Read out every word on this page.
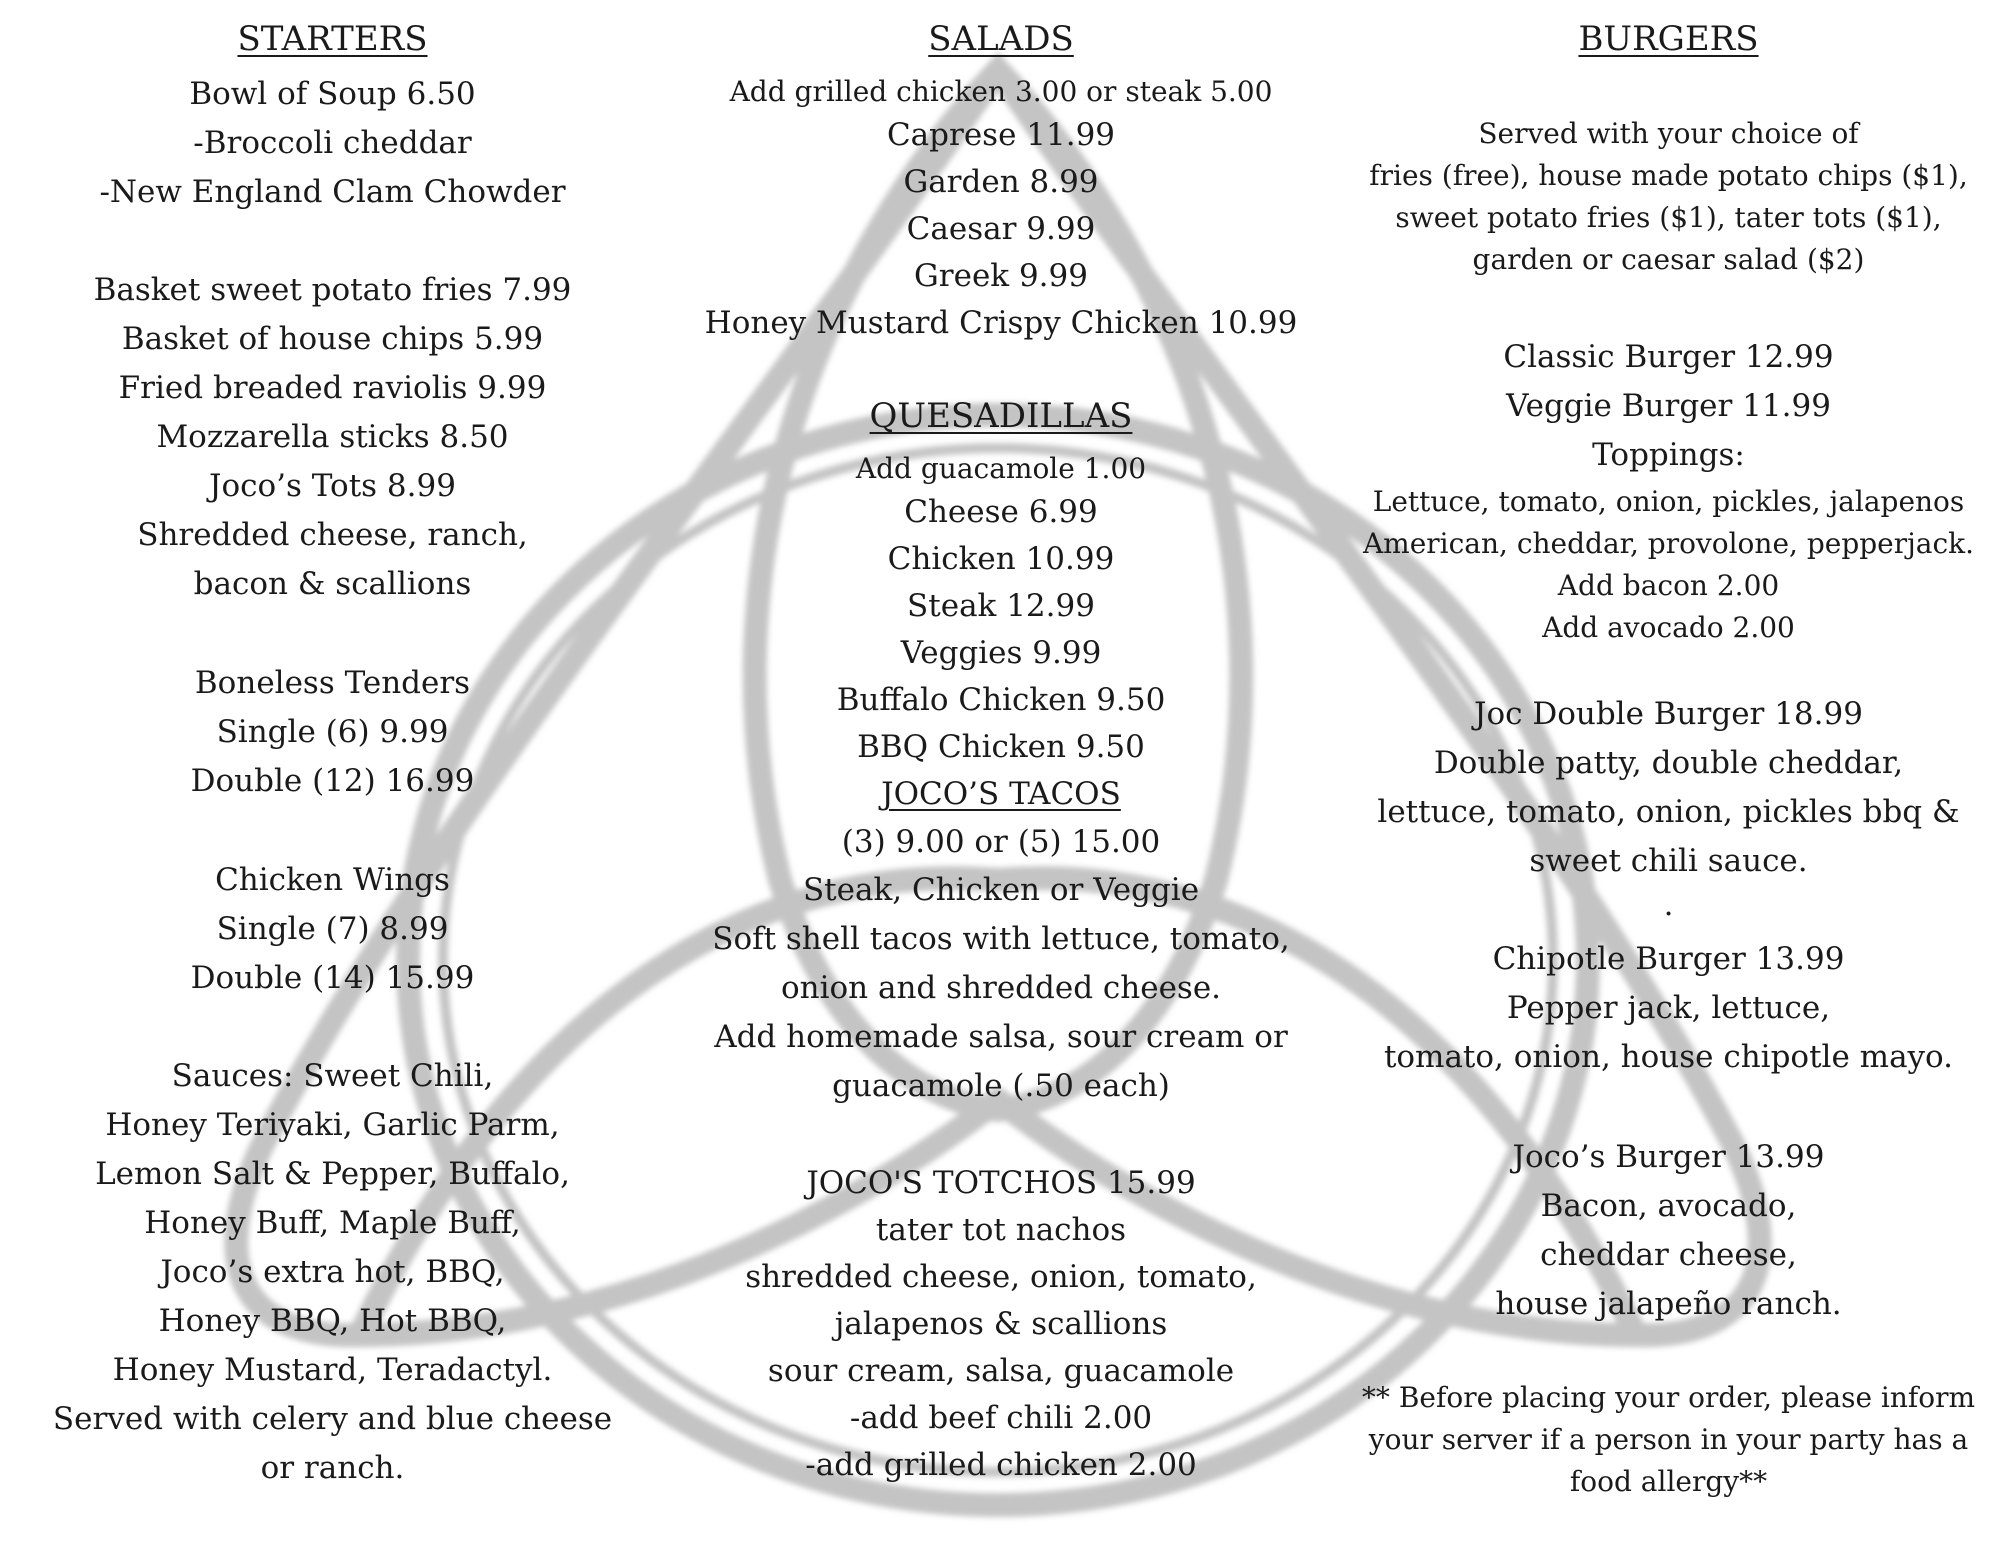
STARTERS
Bowl of Soup 6.50
-Broccoli cheddar
-New England Clam Chowder
Basket sweet potato fries 7.99
Basket of house chips 5.99
Fried breaded raviolis 9.99
Mozzarella sticks 8.50
Joco’s Tots 8.99
Shredded cheese, ranch,
bacon & scallions
Boneless Tenders
Single (6) 9.99
Double (12) 16.99
Chicken Wings
Single (7) 8.99
Double (14) 15.99
Sauces: Sweet Chili,
Honey Teriyaki, Garlic Parm,
Lemon Salt & Pepper, Buffalo,
Honey Buff, Maple Buff,
Joco’s extra hot, BBQ,
Honey BBQ, Hot BBQ,
Honey Mustard, Teradactyl.
Served with celery and blue cheese
or ranch.
SALADS
Add grilled chicken 3.00 or steak 5.00
Caprese 11.99
Garden 8.99
Caesar 9.99
Greek 9.99
Honey Mustard Crispy Chicken 10.99
QUESADILLAS
Add guacamole 1.00
Cheese 6.99
Chicken 10.99
Steak 12.99
Veggies 9.99
Buffalo Chicken 9.50
BBQ Chicken 9.50
JOCO’S TACOS
(3) 9.00 or (5) 15.00
Steak, Chicken or Veggie
Soft shell tacos with lettuce, tomato,
onion and shredded cheese.
Add homemade salsa, sour cream or
guacamole (.50 each)
JOCO'S TOTCHOS 15.99
tater tot nachos
shredded cheese, onion, tomato,
jalapenos & scallions
sour cream, salsa, guacamole
-add beef chili 2.00
-add grilled chicken 2.00
BURGERS
Served with your choice of
fries (free), house made potato chips ($1),
sweet potato fries ($1), tater tots ($1),
garden or caesar salad ($2)
Classic Burger 12.99
Veggie Burger 11.99
Toppings:
Lettuce, tomato, onion, pickles, jalapenos
American, cheddar, provolone, pepperjack.
Add bacon 2.00
Add avocado 2.00
Joc Double Burger 18.99
Double patty, double cheddar,
lettuce, tomato, onion, pickles bbq &
sweet chili sauce.
.
Chipotle Burger 13.99
Pepper jack, lettuce,
tomato, onion, house chipotle mayo.
Joco’s Burger 13.99
Bacon, avocado,
cheddar cheese,
house jalapeño ranch.
** Before placing your order, please inform
your server if a person in your party has a
food allergy**
